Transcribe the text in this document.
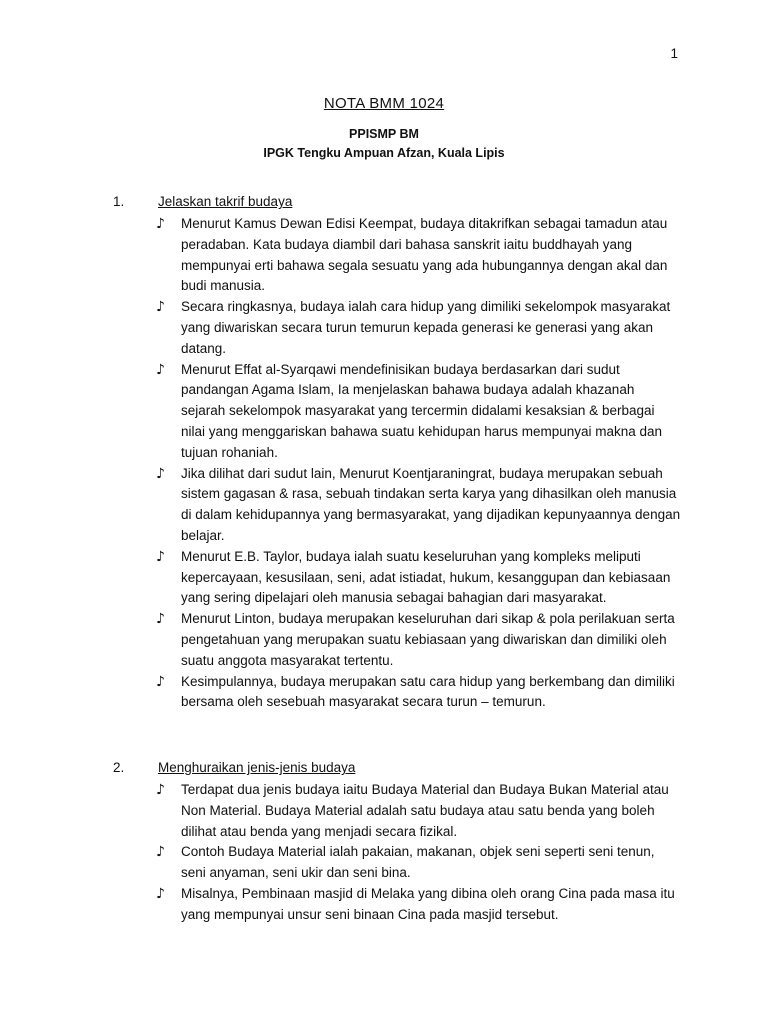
1
NOTA BMM 1024
PPISMP BM
IPGK Tengku Ampuan Afzan, Kuala Lipis
1. Jelaskan takrif budaya
♪ Menurut Kamus Dewan Edisi Keempat, budaya ditakrifkan sebagai tamadun atau peradaban. Kata budaya diambil dari bahasa sanskrit iaitu buddhayah yang mempunyai erti bahawa segala sesuatu yang ada hubungannya dengan akal dan budi manusia.
♪ Secara ringkasnya, budaya ialah cara hidup yang dimiliki sekelompok masyarakat yang diwariskan secara turun temurun kepada generasi ke generasi yang akan datang.
♪ Menurut Effat al-Syarqawi mendefinisikan budaya berdasarkan dari sudut pandangan Agama Islam, Ia menjelaskan bahawa budaya adalah khazanah sejarah sekelompok masyarakat yang tercermin didalami kesaksian & berbagai nilai yang menggariskan bahawa suatu kehidupan harus mempunyai makna dan tujuan rohaniah.
♪ Jika dilihat dari sudut lain, Menurut Koentjaraningrat, budaya merupakan sebuah sistem gagasan & rasa, sebuah tindakan serta karya yang dihasilkan oleh manusia di dalam kehidupannya yang bermasyarakat, yang dijadikan kepunyaannya dengan belajar.
♪ Menurut E.B. Taylor, budaya ialah suatu keseluruhan yang kompleks meliputi kepercayaan, kesusilaan, seni, adat istiadat, hukum, kesanggupan dan kebiasaan yang sering dipelajari oleh manusia sebagai bahagian dari masyarakat.
♪ Menurut Linton, budaya merupakan keseluruhan dari sikap & pola perilakuan serta pengetahuan yang merupakan suatu kebiasaan yang diwariskan dan dimiliki oleh suatu anggota masyarakat tertentu.
♪ Kesimpulannya, budaya merupakan satu cara hidup yang berkembang dan dimiliki bersama oleh sesebuah masyarakat secara turun – temurun.
2. Menghuraikan jenis-jenis budaya
♪ Terdapat dua jenis budaya iaitu Budaya Material dan Budaya Bukan Material atau Non Material. Budaya Material adalah satu budaya atau satu benda yang boleh dilihat atau benda yang menjadi secara fizikal.
♪ Contoh Budaya Material ialah pakaian, makanan, objek seni seperti seni tenun, seni anyaman, seni ukir dan seni bina.
♪ Misalnya, Pembinaan masjid di Melaka yang dibina oleh orang Cina pada masa itu yang mempunyai unsur seni binaan Cina pada masjid tersebut.
